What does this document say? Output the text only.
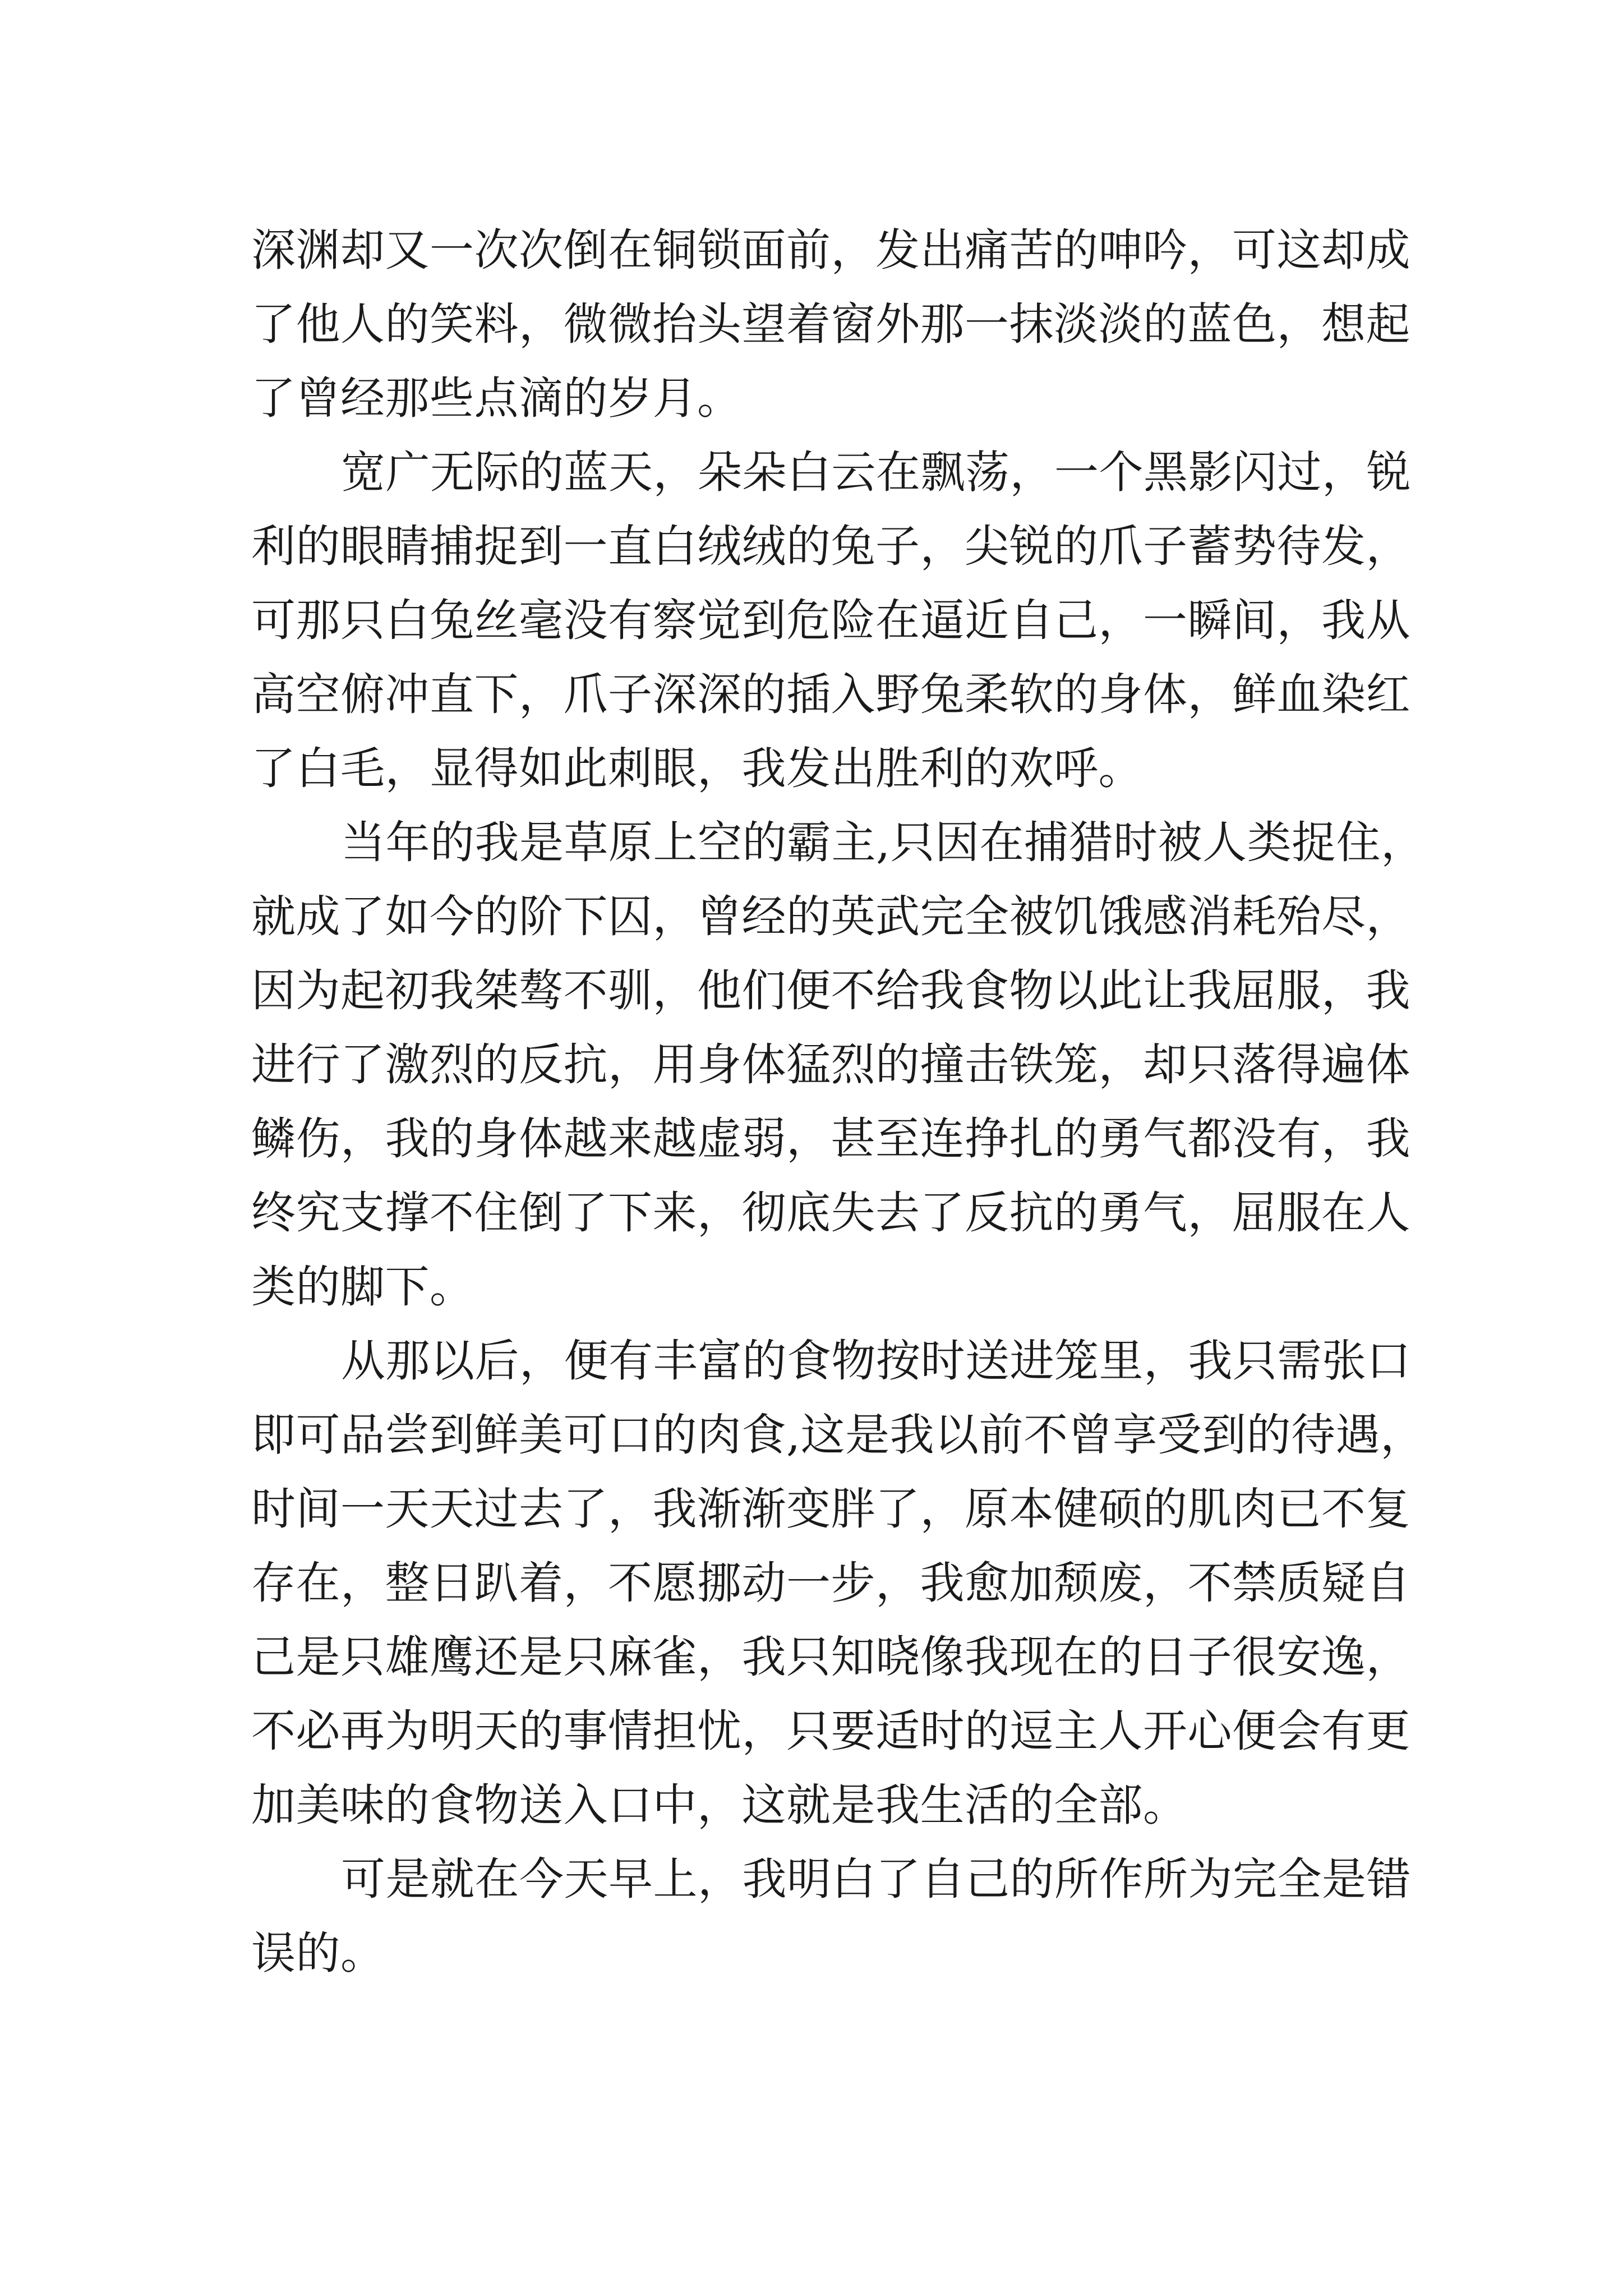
深渊却又一次次倒在铜锁面前，发出痛苦的呻吟，可这却成
了他人的笑料，微微抬头望着窗外那一抹淡淡的蓝色，想起
了曾经那些点滴的岁月。
宽广无际的蓝天，朵朵白云在飘荡，一个黑影闪过，锐
利的眼睛捕捉到一直白绒绒的兔子，尖锐的爪子蓄势待发，
可那只白兔丝毫没有察觉到危险在逼近自己，一瞬间，我从
高空俯冲直下，爪子深深的插入野兔柔软的身体，鲜血染红
了白毛，显得如此刺眼，我发出胜利的欢呼。
当年的我是草原上空的霸主,只因在捕猎时被人类捉住，
就成了如今的阶下囚，曾经的英武完全被饥饿感消耗殆尽，
因为起初我桀骜不驯，他们便不给我食物以此让我屈服，我
进行了激烈的反抗，用身体猛烈的撞击铁笼，却只落得遍体
鳞伤，我的身体越来越虚弱，甚至连挣扎的勇气都没有，我
终究支撑不住倒了下来，彻底失去了反抗的勇气，屈服在人
类的脚下。
从那以后，便有丰富的食物按时送进笼里，我只需张口
即可品尝到鲜美可口的肉食,这是我以前不曾享受到的待遇，
时间一天天过去了，我渐渐变胖了，原本健硕的肌肉已不复
存在，整日趴着，不愿挪动一步，我愈加颓废，不禁质疑自
己是只雄鹰还是只麻雀，我只知晓像我现在的日子很安逸，
不必再为明天的事情担忧，只要适时的逗主人开心便会有更
加美味的食物送入口中，这就是我生活的全部。
可是就在今天早上，我明白了自己的所作所为完全是错
误的。
